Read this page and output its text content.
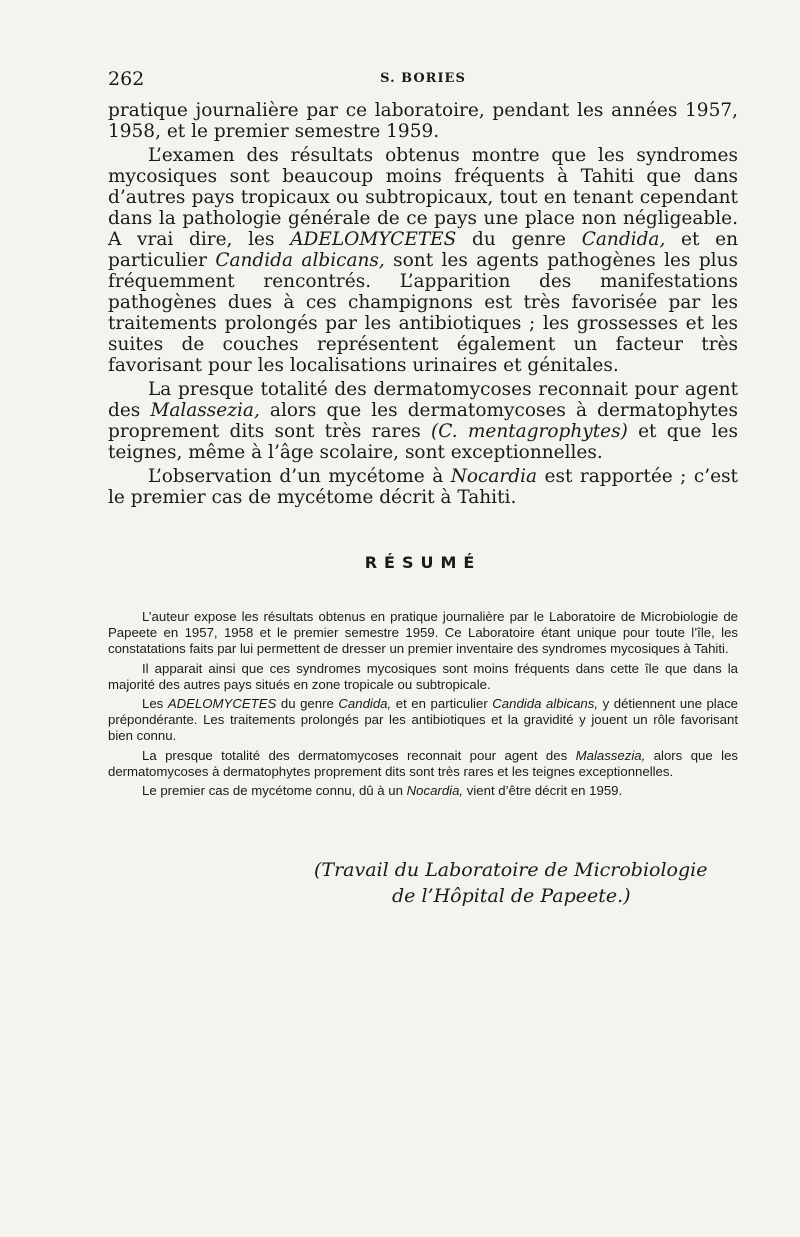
262	S. BORIES

pratique journalière par ce laboratoire, pendant les années 1957, 1958, et le premier semestre 1959.

L’examen des résultats obtenus montre que les syndromes mycosiques sont beaucoup moins fréquents à Tahiti que dans d’autres pays tropicaux ou subtropicaux, tout en tenant cependant dans la pathologie générale de ce pays une place non négligeable. A vrai dire, les ADELOMYCETES du genre Candida, et en particulier Candida albicans, sont les agents pathogènes les plus fréquemment rencontrés. L’apparition des manifestations pathogènes dues à ces champignons est très favorisée par les traitements prolongés par les antibiotiques ; les grossesses et les suites de couches représentent également un facteur très favorisant pour les localisations urinaires et génitales.

La presque totalité des dermatomycoses reconnait pour agent des Malassezia, alors que les dermatomycoses à dermatophytes proprement dits sont très rares (C. mentagrophytes) et que les teignes, même à l’âge scolaire, sont exceptionnelles.

L’observation d’un mycétome à Nocardia est rapportée ; c’est le premier cas de mycétome décrit à Tahiti.

RÉSUMÉ

L’auteur expose les résultats obtenus en pratique journalière par le Laboratoire de Microbiologie de Papeete en 1957, 1958 et le premier semestre 1959. Ce Laboratoire étant unique pour toute l’île, les constatations faits par lui permettent de dresser un premier inventaire des syndromes mycosiques à Tahiti.

Il apparait ainsi que ces syndromes mycosiques sont moins fréquents dans cette île que dans la majorité des autres pays situés en zone tropicale ou subtropicale.

Les ADELOMYCETES du genre Candida, et en particulier Candida albicans, y détiennent une place prépondérante. Les traitements prolongés par les antibiotiques et la gravidité y jouent un rôle favorisant bien connu.

La presque totalité des dermatomycoses reconnait pour agent des Malassezia, alors que les dermatomycoses à dermatophytes proprement dits sont très rares et les teignes exceptionnelles.

Le premier cas de mycétome connu, dû à un Nocardia, vient d’être décrit en 1959.

(Travail du Laboratoire de Microbiologie
de l’Hôpital de Papeete.)
